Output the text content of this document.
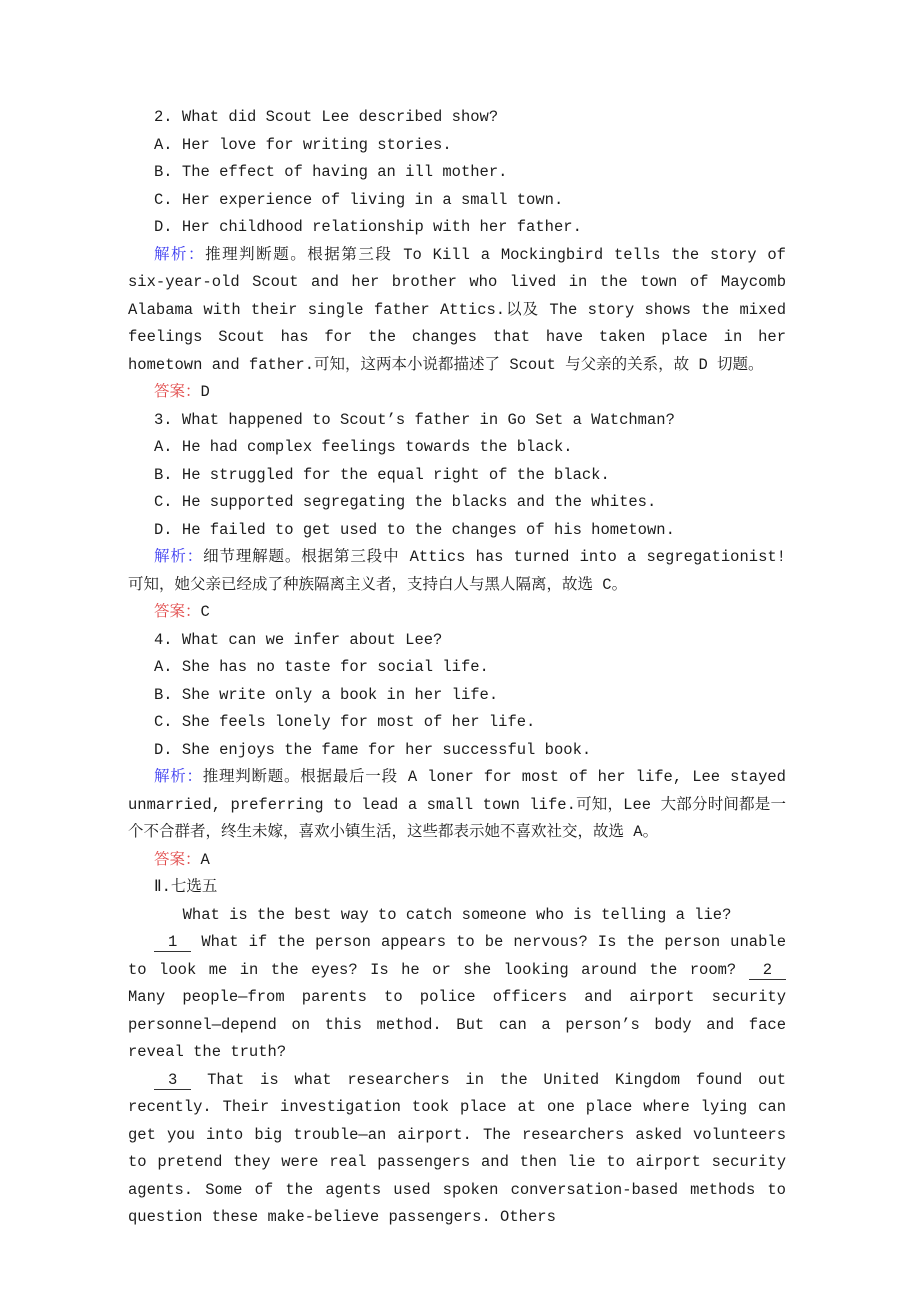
2. What did Scout Lee described show?
A. Her love for writing stories.
B. The effect of having an ill mother.
C. Her experience of living in a small town.
D. Her childhood relationship with her father.
解析：推理判断题。根据第三段 To Kill a Mockingbird tells the story of six-year-old Scout and her brother who lived in the town of Maycomb Alabama with their single father Attics.以及 The story shows the mixed feelings Scout has for the changes that have taken place in her hometown and father.可知，这两本小说都描述了 Scout 与父亲的关系，故 D 切题。
答案：D
3. What happened to Scout’s father in Go Set a Watchman?
A. He had complex feelings towards the black.
B. He struggled for the equal right of the black.
C. He supported segregating the blacks and the whites.
D. He failed to get used to the changes of his hometown.
解析：细节理解题。根据第三段中 Attics has turned into a segregationist! 可知，她父亲已经成了种族隔离主义者，支持白人与黑人隔离，故选 C。
答案：C
4. What can we infer about Lee?
A. She has no taste for social life.
B. She write only a book in her life.
C. She feels lonely for most of her life.
D. She enjoys the fame for her successful book.
解析：推理判断题。根据最后一段 A loner for most of her life, Lee stayed unmarried, preferring to lead a small town life.可知，Lee 大部分时间都是一个不合群者，终生未嫁，喜欢小镇生活，这些都表示她不喜欢社交，故选 A。
答案：A
Ⅱ.七选五
What is the best way to catch someone who is telling a lie?
1 What if the person appears to be nervous? Is the person unable to look me in the eyes? Is he or she looking around the room? 2 Many people—from parents to police officers and airport security personnel—depend on this method. But can a person’s body and face reveal the truth?
3 That is what researchers in the United Kingdom found out recently. Their investigation took place at one place where lying can get you into big trouble—an airport. The researchers asked volunteers to pretend they were real passengers and then lie to airport security agents. Some of the agents used spoken conversation-based methods to question these make-believe passengers. Others
